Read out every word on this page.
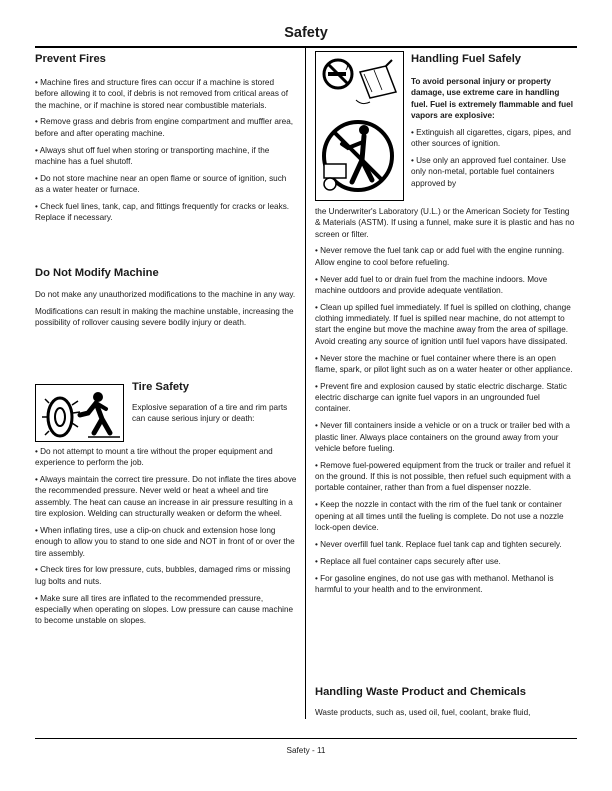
Safety
Prevent Fires

• Machine fires and structure fires can occur if a machine is stored before allowing it to cool, if debris is not removed from critical areas of the machine, or if machine is stored near combustible materials.

• Remove grass and debris from engine compartment and muffler area, before and after operating machine.

• Always shut off fuel when storing or transporting machine, if the machine has a fuel shutoff.

• Do not store machine near an open flame or source of ignition, such as a water heater or furnace.

• Check fuel lines, tank, cap, and fittings frequently for cracks or leaks. Replace if necessary.

Do Not Modify Machine

Do not make any unauthorized modifications to the machine in any way.

Modifications can result in making the machine unstable, increasing the possibility of rollover causing severe bodily injury or death.

Tire Safety

Explosive separation of a tire and rim parts can cause serious injury or death:

• Do not attempt to mount a tire without the proper equipment and experience to perform the job.

• Always maintain the correct tire pressure. Do not inflate the tires above the recommended pressure. Never weld or heat a wheel and tire assembly. The heat can cause an increase in air pressure resulting in a tire explosion. Welding can structurally weaken or deform the wheel.

• When inflating tires, use a clip-on chuck and extension hose long enough to allow you to stand to one side and NOT in front of or over the tire assembly.

• Check tires for low pressure, cuts, bubbles, damaged rims or missing lug bolts and nuts.

• Make sure all tires are inflated to the recommended pressure, especially when operating on slopes. Low pressure can cause machine to become unstable on slopes.

Handling Fuel Safely

To avoid personal injury or property damage, use extreme care in handling fuel. Fuel is extremely flammable and fuel vapors are explosive:

• Extinguish all cigarettes, cigars, pipes, and other sources of ignition.

• Use only an approved fuel container. Use only non-metal, portable fuel containers approved by

the Underwriter's Laboratory (U.L.) or the American Society for Testing & Materials (ASTM). If using a funnel, make sure it is plastic and has no screen or filter.

• Never remove the fuel tank cap or add fuel with the engine running. Allow engine to cool before refueling.

• Never add fuel to or drain fuel from the machine indoors. Move machine outdoors and provide adequate ventilation.

• Clean up spilled fuel immediately. If fuel is spilled on clothing, change clothing immediately. If fuel is spilled near machine, do not attempt to start the engine but move the machine away from the area of spillage. Avoid creating any source of ignition until fuel vapors have dissipated.

• Never store the machine or fuel container where there is an open flame, spark, or pilot light such as on a water heater or other appliance.

• Prevent fire and explosion caused by static electric discharge. Static electric discharge can ignite fuel vapors in an ungrounded fuel container.

• Never fill containers inside a vehicle or on a truck or trailer bed with a plastic liner. Always place containers on the ground away from your vehicle before fueling.

• Remove fuel-powered equipment from the truck or trailer and refuel it on the ground. If this is not possible, then refuel such equipment with a portable container, rather than from a fuel dispenser nozzle.

• Keep the nozzle in contact with the rim of the fuel tank or container opening at all times until the fueling is complete. Do not use a nozzle lock-open device.

• Never overfill fuel tank. Replace fuel tank cap and tighten securely.

• Replace all fuel container caps securely after use.

• For gasoline engines, do not use gas with methanol. Methanol is harmful to your health and to the environment.

Handling Waste Product and Chemicals

Waste products, such as, used oil, fuel, coolant, brake fluid,

Safety - 11
